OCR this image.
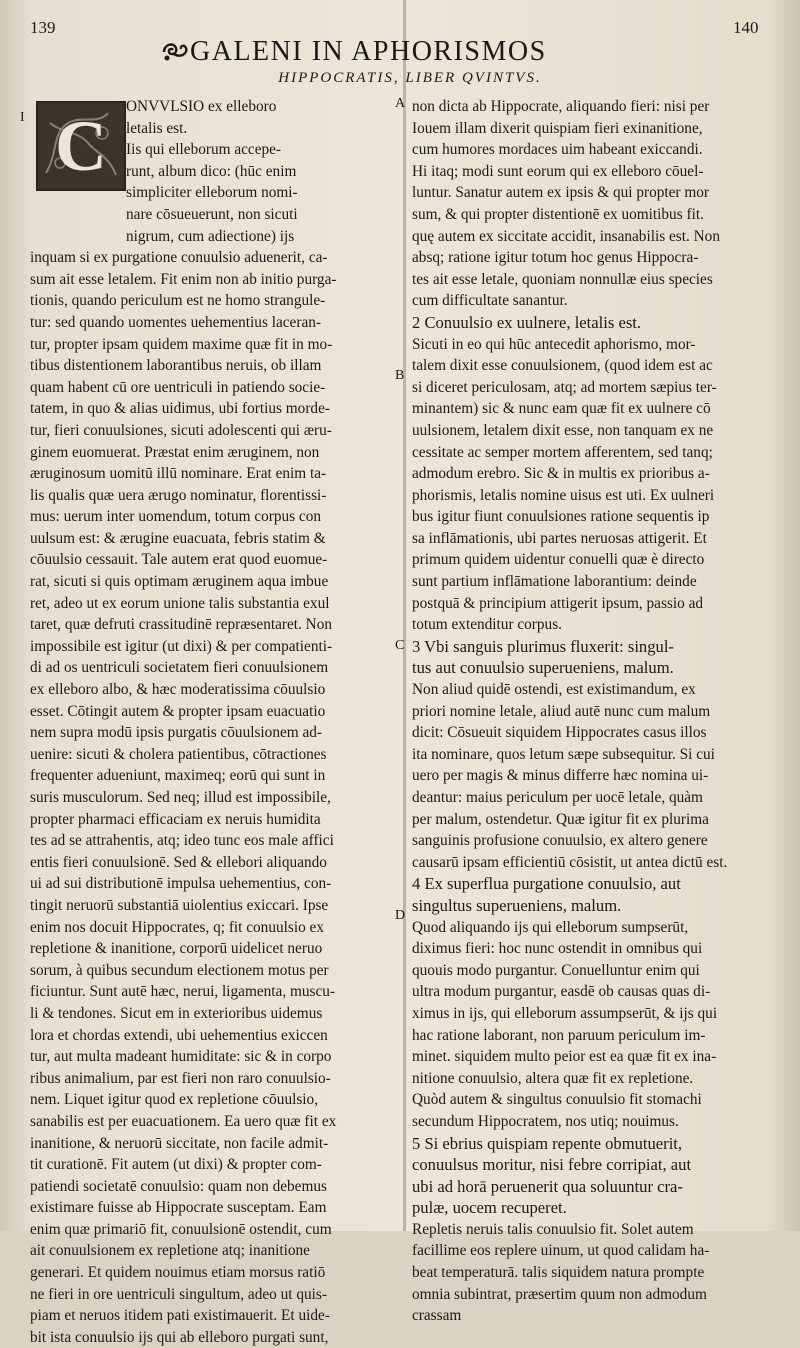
139	140
GALENI IN APHORISMOS
HIPPOCRATIS, LIBER QVINTVS.
I
A
B
C
D
C	ONVVLSIO ex elleboro
letalis est.
Iis qui elleborum accepe-
runt, album dico: (hūc enim
simpliciter elleborum nomi-
nare cōsueuerunt, non sicuti
nigrum, cum adiectione) ijs
inquam si ex purgatione conuulsio aduenerit, ca-
sum ait esse letalem. Fit enim non ab initio purga-
tionis, quando periculum est ne homo strangule-
tur: sed quando uomentes uehementius laceran-
tur, propter ipsam quidem maxime quæ fit in mo-
tibus distentionem laborantibus neruis, ob illam
quam habent cū ore uentriculi in patiendo socie-
tatem, in quo & alias uidimus, ubi fortius morde-
tur, fieri conuulsiones, sicuti adolescenti qui æru-
ginem euomuerat. Præstat enim æruginem, non
æruginosum uomitū illū nominare. Erat enim ta-
lis qualis quæ uera ærugo nominatur, florentissi-
mus: uerum inter uomendum, totum corpus con
uulsum est: & ærugine euacuata, febris statim &
cōuulsio cessauit. Tale autem erat quod euomue-
rat, sicuti si quis optimam æruginem aqua imbue
ret, adeo ut ex eorum unione talis substantia exul
taret, quæ defruti crassitudinē repræsentaret. Non
impossibile est igitur (ut dixi) & per compatienti-
di ad os uentriculi societatem fieri conuulsionem
ex elleboro albo, & hæc moderatissima cōuulsio
esset. Cōtingit autem & propter ipsam euacuatio
nem supra modū ipsis purgatis cōuulsionem ad-
uenire: sicuti & cholera patientibus, cōtractiones
frequenter adueniunt, maximeq; eorū qui sunt in
suris musculorum. Sed neq; illud est impossibile,
propter pharmaci efficaciam ex neruis humidita
tes ad se attrahentis, atq; ideo tunc eos male affici
entis fieri conuulsionē. Sed & ellebori aliquando
ui ad sui distributionē impulsa uehementius, con-
tingit neruorū substantiā uiolentius exiccari. Ipse
enim nos docuit Hippocrates, q; fit conuulsio ex
repletione & inanitione, corporū uidelicet neruo
sorum, à quibus secundum electionem motus per
ficiuntur. Sunt autē hæc, nerui, ligamenta, muscu-
li & tendones. Sicut em in exterioribus uidemus
lora et chordas extendi, ubi uehementius exiccen
tur, aut multa madeant humiditate: sic & in corpo
ribus animalium, par est fieri non raro conuulsio-
nem. Liquet igitur quod ex repletione cōuulsio,
sanabilis est per euacuationem. Ea uero quæ fit ex
inanitione, & neruorū siccitate, non facile admit-
tit curationē. Fit autem (ut dixi) & propter com-
patiendi societatē conuulsio: quam non debemus
existimare fuisse ab Hippocrate susceptam. Eam
enim quæ primariō fit, conuulsionē ostendit, cum
ait conuulsionem ex repletione atq; inanitione
generari. Et quidem nouimus etiam morsus ratiō
ne fieri in ore uentriculi singultum, adeo ut quis-
piam et neruos itidem pati existimauerit. Et uide-
bit ista conuulsio ijs qui ab elleboro purgati sunt,
non dicta ab Hippocrate, aliquando fieri: nisi per
Iouem illam dixerit quispiam fieri exinanitione,
cum humores mordaces uim habeant exiccandi.
Hi itaq; modi sunt eorum qui ex elleboro cōuel-
luntur. Sanatur autem ex ipsis & qui propter mor
sum, & qui propter distentionē ex uomitibus fit.
quę autem ex siccitate accidit, insanabilis est. Non
absq; ratione igitur totum hoc genus Hippocra-
tes ait esse letale, quoniam nonnullæ eius species
cum difficultate sanantur.
2 Conuulsio ex uulnere, letalis est.
Sicuti in eo qui hūc antecedit aphorismo, mor-
talem dixit esse conuulsionem, (quod idem est ac
si diceret periculosam, atq; ad mortem sæpius ter-
minantem) sic & nunc eam quæ fit ex uulnere cō
uulsionem, letalem dixit esse, non tanquam ex ne
cessitate ac semper mortem afferentem, sed tanq;
admodum erebro. Sic & in multis ex prioribus a-
phorismis, letalis nomine uisus est uti. Ex uulneri
bus igitur fiunt conuulsiones ratione sequentis ip
sa inflāmationis, ubi partes neruosas attigerit. Et
primum quidem uidentur conuelli quæ è directo
sunt partium inflāmatione laborantium: deinde
postquā & principium attigerit ipsum, passio ad
totum extenditur corpus.
3 Vbi sanguis plurimus fluxerit: singul-
tus aut conuulsio superueniens, malum.
Non aliud quidē ostendi, est existimandum, ex
priori nomine letale, aliud autē nunc cum malum
dicit: Cōsueuit siquidem Hippocrates casus illos
ita nominare, quos letum sæpe subsequitur. Si cui
uero per magis & minus differre hæc nomina ui-
deantur: maius periculum per uocē letale, quàm
per malum, ostendetur. Quæ igitur fit ex plurima
sanguinis profusione conuulsio, ex altero genere
causarū ipsam efficientiū cōsistit, ut antea dictū est.
4 Ex superflua purgatione conuulsio, aut
singultus superueniens, malum.
Quod aliquando ijs qui elleborum sumpserūt,
diximus fieri: hoc nunc ostendit in omnibus qui
quouis modo purgantur. Conuelluntur enim qui
ultra modum purgantur, easdē ob causas quas di-
ximus in ijs, qui elleborum assumpserūt, & ijs qui
hac ratione laborant, non paruum periculum im-
minet. siquidem multo peior est ea quæ fit ex ina-
nitione conuulsio, altera quæ fit ex repletione.
Quòd autem & singultus conuulsio fit stomachi
secundum Hippocratem, nos utiq; nouimus.
5 Si ebrius quispiam repente obmutuerit,
conuulsus moritur, nisi febre corripiat, aut
ubi ad horā peruenerit qua soluuntur cra-
pulæ, uocem recuperet.
Repletis neruis talis conuulsio fit. Solet autem
facillime eos replere uinum, ut quod calidam ha-
beat temperaturā. talis siquidem natura prompte
omnia subintrat, præsertim quum non admodum
crassam
